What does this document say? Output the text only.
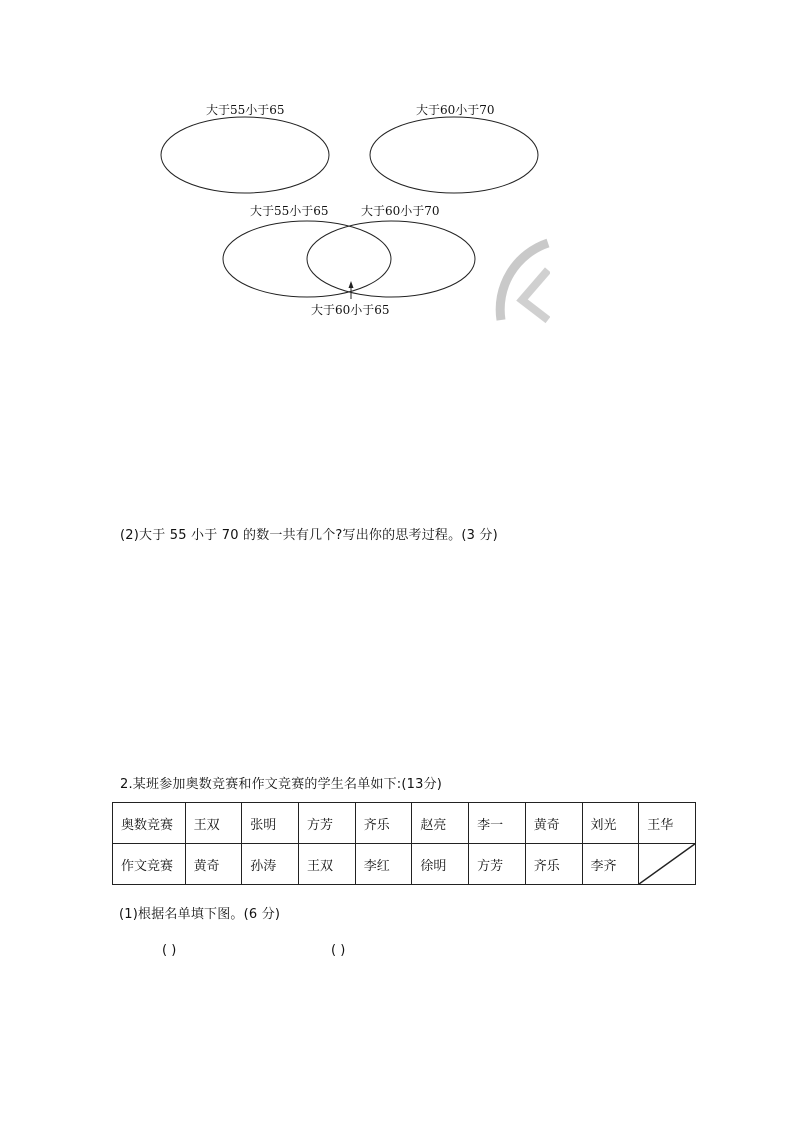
大于55小于65	大于60小于70
大于55小于65	大于60小于70
大于60小于65
(2)大于 55 小于 70 的数一共有几个?写出你的思考过程。(3 分)
2.某班参加奥数竞赛和作文竞赛的学生名单如下:(13分)
奥数竞赛	王双	张明	方芳	齐乐	赵亮	李一	黄奇	刘光	王华
作文竞赛	黄奇	孙涛	王双	李红	徐明	方芳	齐乐	李齐	
(1)根据名单填下图。(6 分)
( )	( )
